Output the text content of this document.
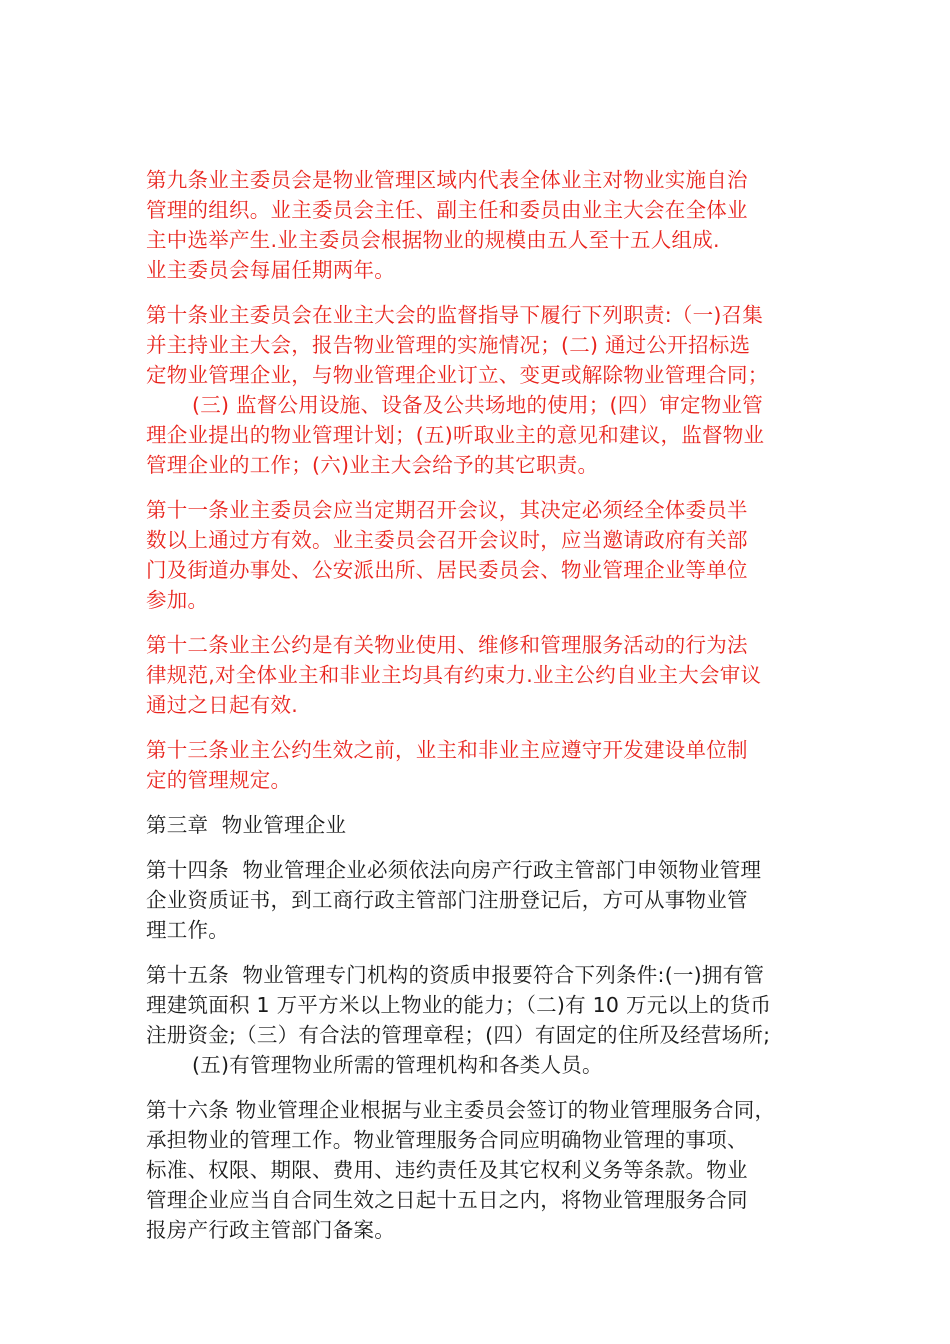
第九条业主委员会是物业管理区域内代表全体业主对物业实施自治
管理的组织。业主委员会主任、副主任和委员由业主大会在全体业
主中选举产生.业主委员会根据物业的规模由五人至十五人组成.
业主委员会每届任期两年。

第十条业主委员会在业主大会的监督指导下履行下列职责:（一)召集
并主持业主大会，报告物业管理的实施情况；(二) 通过公开招标选
定物业管理企业，与物业管理企业订立、变更或解除物业管理合同；
(三) 监督公用设施、设备及公共场地的使用；(四）审定物业管
理企业提出的物业管理计划；(五)听取业主的意见和建议，监督物业
管理企业的工作；(六)业主大会给予的其它职责。

第十一条业主委员会应当定期召开会议，其决定必须经全体委员半
数以上通过方有效。业主委员会召开会议时，应当邀请政府有关部
门及街道办事处、公安派出所、居民委员会、物业管理企业等单位
参加。

第十二条业主公约是有关物业使用、维修和管理服务活动的行为法
律规范,对全体业主和非业主均具有约束力.业主公约自业主大会审议
通过之日起有效.

第十三条业主公约生效之前，业主和非业主应遵守开发建设单位制
定的管理规定。

第三章  物业管理企业

第十四条  物业管理企业必须依法向房产行政主管部门申领物业管理
企业资质证书，到工商行政主管部门注册登记后，方可从事物业管
理工作。

第十五条  物业管理专门机构的资质申报要符合下列条件:(一)拥有管
理建筑面积 1 万平方米以上物业的能力；（二)有 10 万元以上的货币
注册资金;（三）有合法的管理章程；(四）有固定的住所及经营场所;
(五)有管理物业所需的管理机构和各类人员。

第十六条 物业管理企业根据与业主委员会签订的物业管理服务合同，
承担物业的管理工作。物业管理服务合同应明确物业管理的事项、
标准、权限、期限、费用、违约责任及其它权利义务等条款。物业
管理企业应当自合同生效之日起十五日之内，将物业管理服务合同
报房产行政主管部门备案。
